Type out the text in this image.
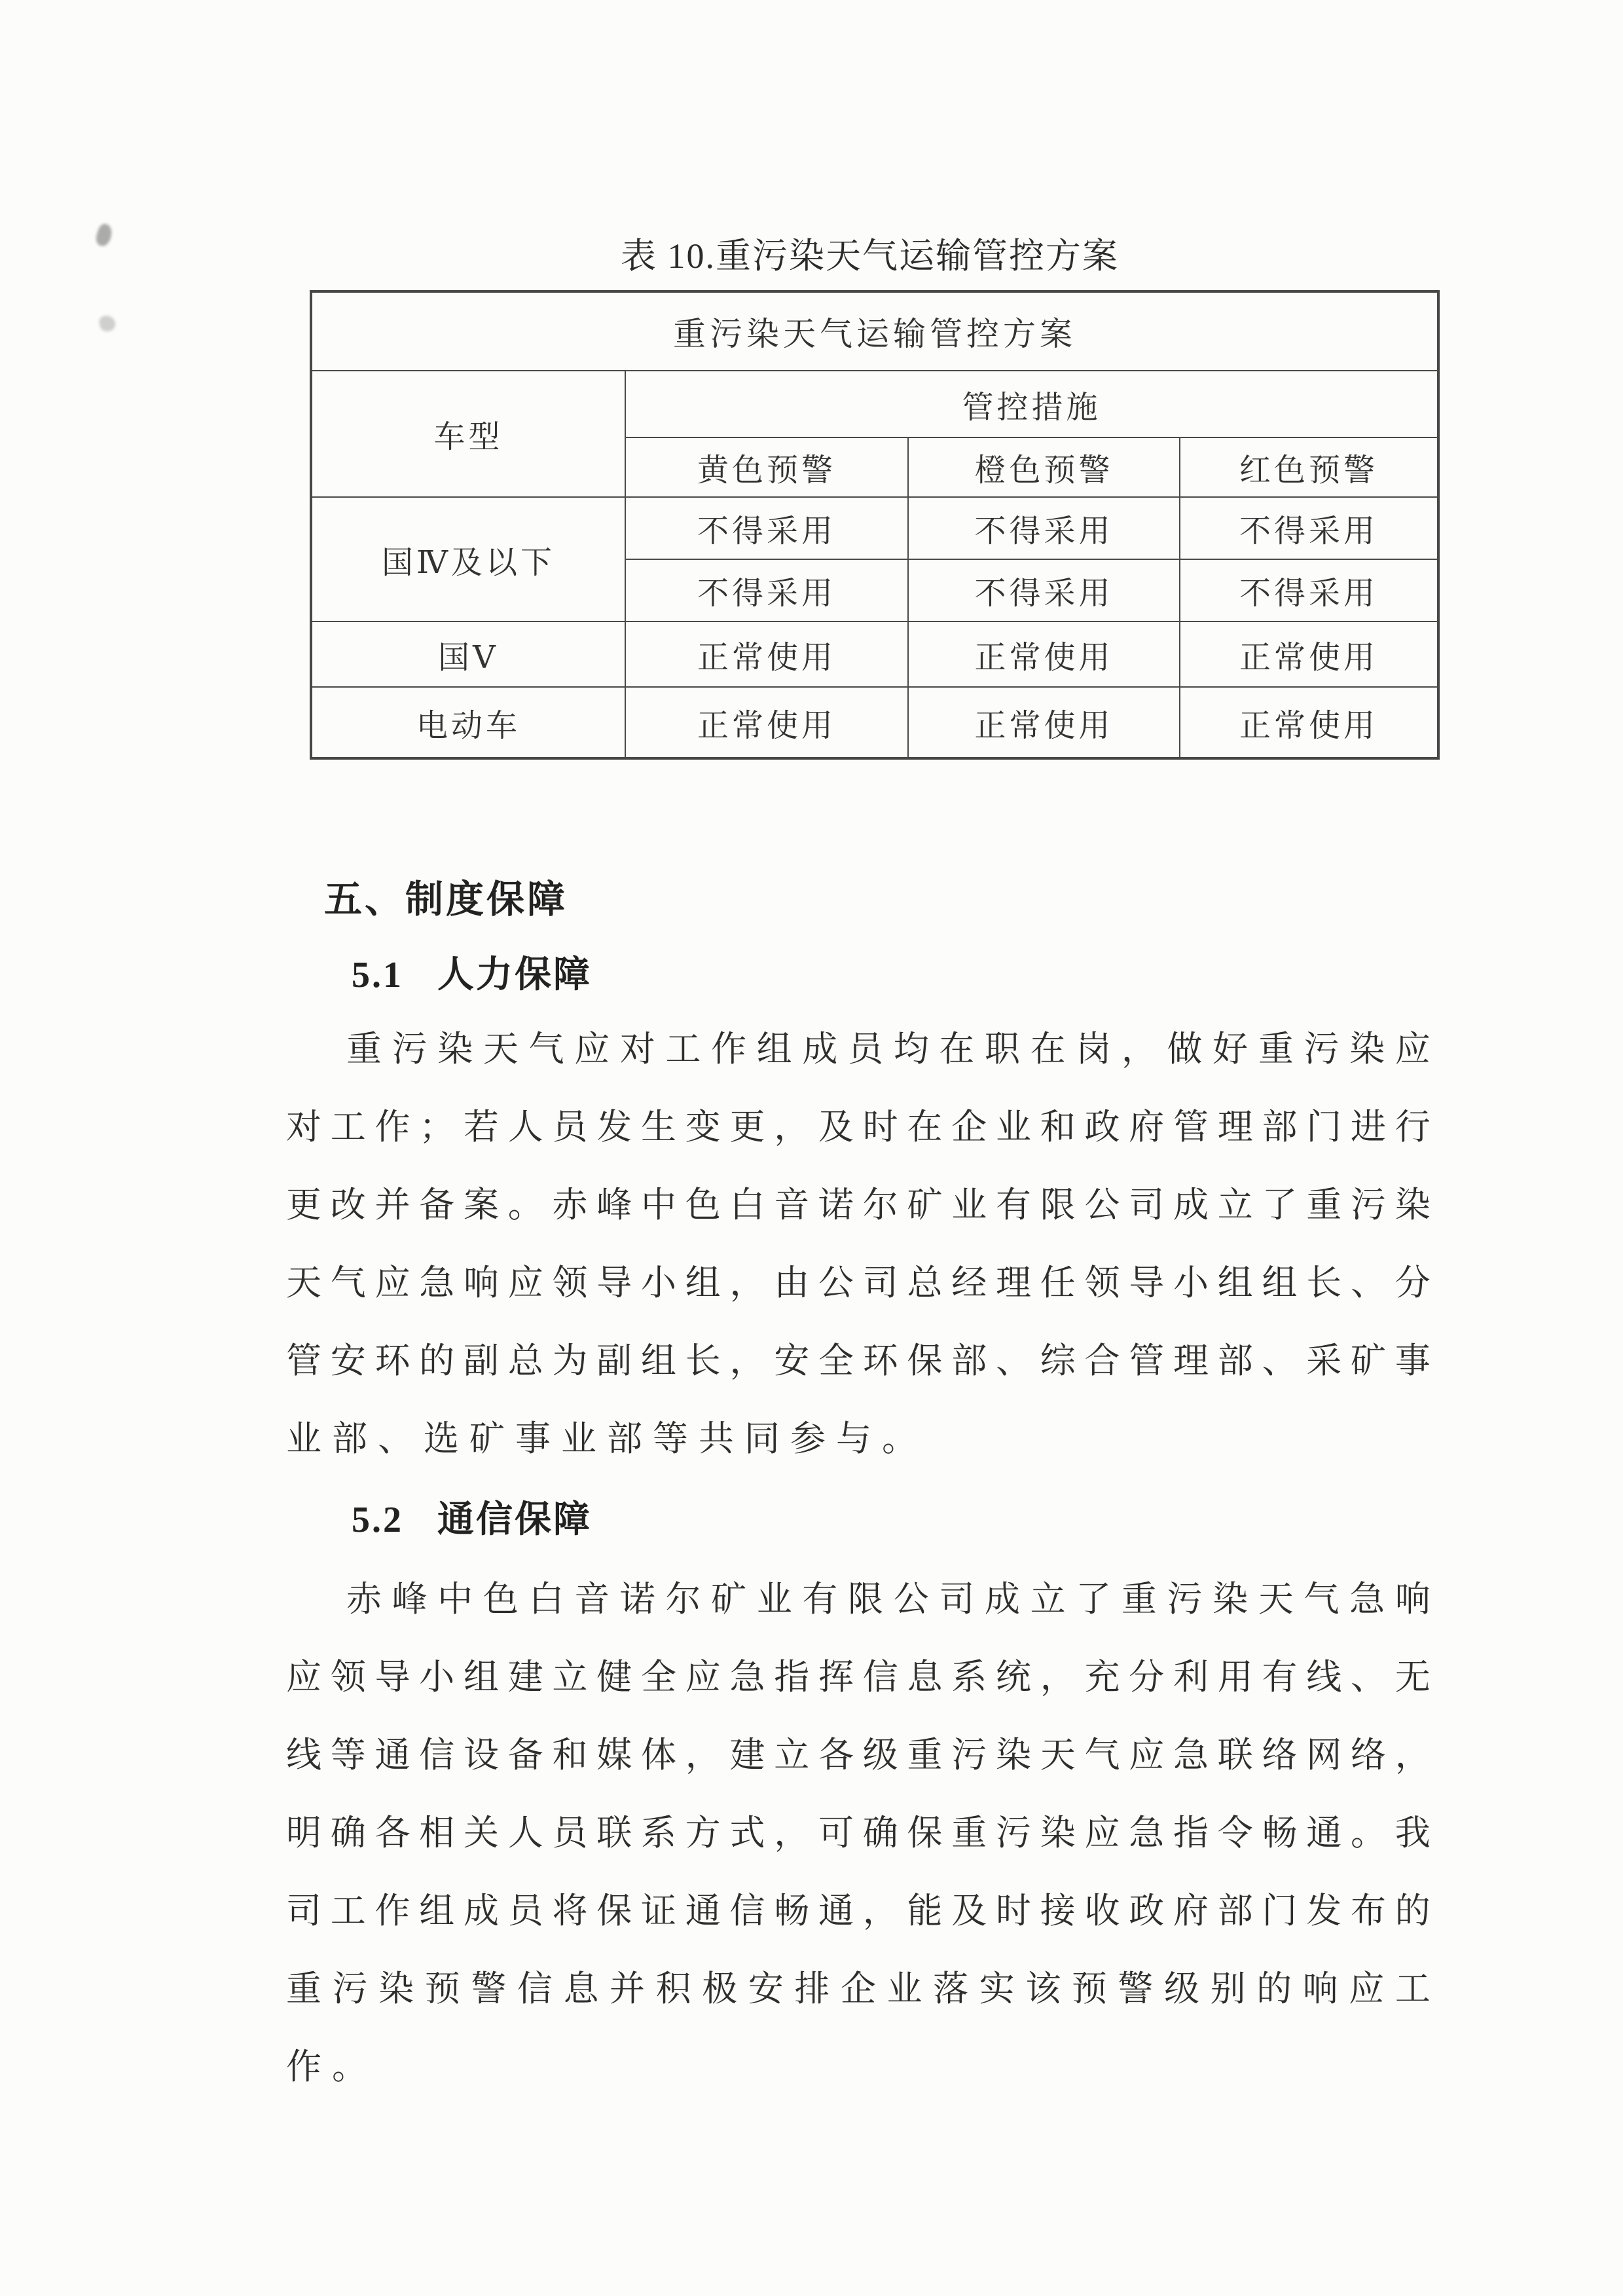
表 10.重污染天气运输管控方案
重污染天气运输管控方案			
车型	管控措施		
	黄色预警	橙色预警	红色预警
国Ⅳ及以下	不得采用	不得采用	不得采用
	不得采用	不得采用	不得采用
国Ⅴ	正常使用	正常使用	正常使用
电动车	正常使用	正常使用	正常使用
五、制度保障
5.1 人力保障
重 污 染 天 气 应 对 工 作 组 成 员 均 在 职 在 岗 ， 做 好 重 污 染 应
对 工 作 ； 若 人 员 发 生 变 更 ， 及 时 在 企 业 和 政 府 管 理 部 门 进 行
更 改 并 备 案 。 赤 峰 中 色 白 音 诺 尔 矿 业 有 限 公 司 成 立 了 重 污 染
天 气 应 急 响 应 领 导 小 组 ， 由 公 司 总 经 理 任 领 导 小 组 组 长 、 分
管 安 环 的 副 总 为 副 组 长 ， 安 全 环 保 部 、 综 合 管 理 部 、 采 矿 事
业部、选矿事业部等共同参与。
5.2 通信保障
赤 峰 中 色 白 音 诺 尔 矿 业 有 限 公 司 成 立 了 重 污 染 天 气 急 响
应 领 导 小 组 建 立 健 全 应 急 指 挥 信 息 系 统 ， 充 分 利 用 有 线 、 无
线 等 通 信 设 备 和 媒 体 ， 建 立 各 级 重 污 染 天 气 应 急 联 络 网 络 ，
明 确 各 相 关 人 员 联 系 方 式 ， 可 确 保 重 污 染 应 急 指 令 畅 通 。 我
司 工 作 组 成 员 将 保 证 通 信 畅 通 ， 能 及 时 接 收 政 府 部 门 发 布 的
重 污 染 预 警 信 息 并 积 极 安 排 企 业 落 实 该 预 警 级 别 的 响 应 工
作。
